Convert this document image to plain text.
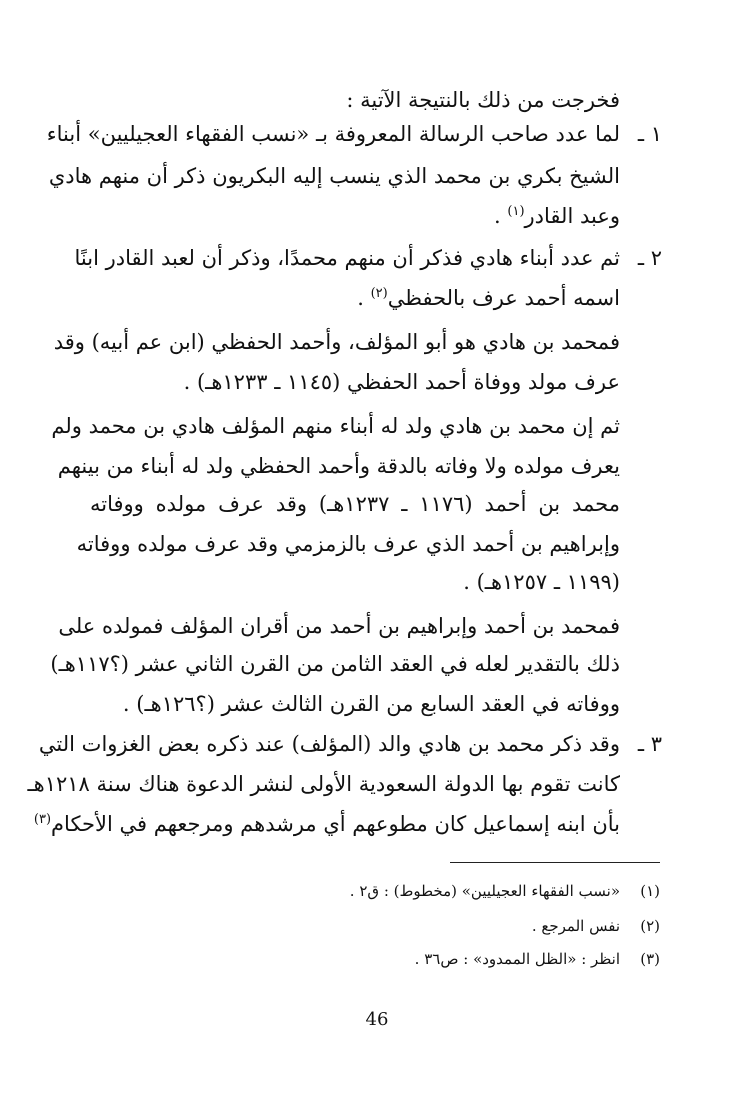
فخرجت من ذلك بالنتيجة الآتية :
١ ـ
لما عدد صاحب الرسالة المعروفة بـ «نسب الفقهاء العجيليين» أبناء
الشيخ بكري بن محمد الذي ينسب إليه البكريون ذكر أن منهم هادي
وعبد القادر$^{(١)}$ .
٢ ـ
ثم عدد أبناء هادي فذكر أن منهم محمدًا، وذكر أن لعبد القادر ابنًا
اسمه أحمد عرف بالحفظي$^{(٢)}$ .
فمحمد بن هادي هو أبو المؤلف، وأحمد الحفظي (ابن عم أبيه) وقد
عرف مولد ووفاة أحمد الحفظي (١١٤٥ ـ ١٢٣٣هـ) .
ثم إن محمد بن هادي ولد له أبناء منهم المؤلف هادي بن محمد ولم
يعرف مولده ولا وفاته بالدقة وأحمد الحفظي ولد له أبناء من بينهم
محمد بن أحمد (١١٧٦ ـ ١٢٣٧هـ) وقد عرف مولده ووفاته
وإبراهيم بن أحمد الذي عرف بالزمزمي وقد عرف مولده ووفاته
(١١٩٩ ـ ١٢٥٧هـ) .
فمحمد بن أحمد وإبراهيم بن أحمد من أقران المؤلف فمولده على
ذلك بالتقدير لعله في العقد الثامن من القرن الثاني عشر (؟١١٧هـ)
ووفاته في العقد السابع من القرن الثالث عشر (؟١٢٦هـ) .
٣ ـ
وقد ذكر محمد بن هادي والد (المؤلف) عند ذكره بعض الغزوات التي
كانت تقوم بها الدولة السعودية الأولى لنشر الدعوة هناك سنة ١٢١٨هـ
بأن ابنه إسماعيل كان مطوعهم أي مرشدهم ومرجعهم في الأحكام$^{(٣)}$
(١)
«نسب الفقهاء العجيليين» (مخطوط) : ق٢ .
(٢)
نفس المرجع .
(٣)
انظر : «الظل الممدود» : ص٣٦ .
46
